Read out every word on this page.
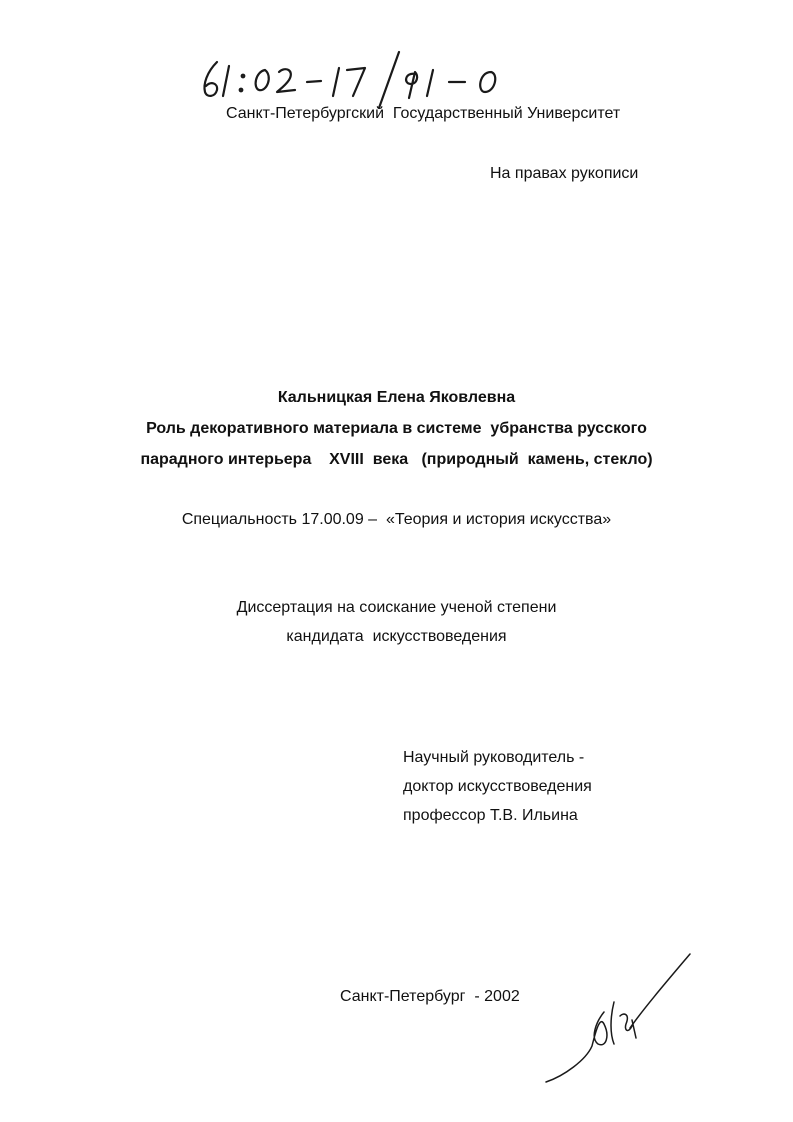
Санкт-Петербургский  Государственный Университет
На правах рукописи
Кальницкая Елена Яковлевна
Роль декоративного материала в системе  убранства русского
парадного интерьера    XVIII  века   (природный  камень, стекло)
Специальность 17.00.09 –  «Теория и история искусства»
Диссертация на соискание ученой степени
кандидата  искусствоведения
Научный руководитель -
доктор искусствоведения
профессор Т.В. Ильина
Санкт-Петербург  - 2002
